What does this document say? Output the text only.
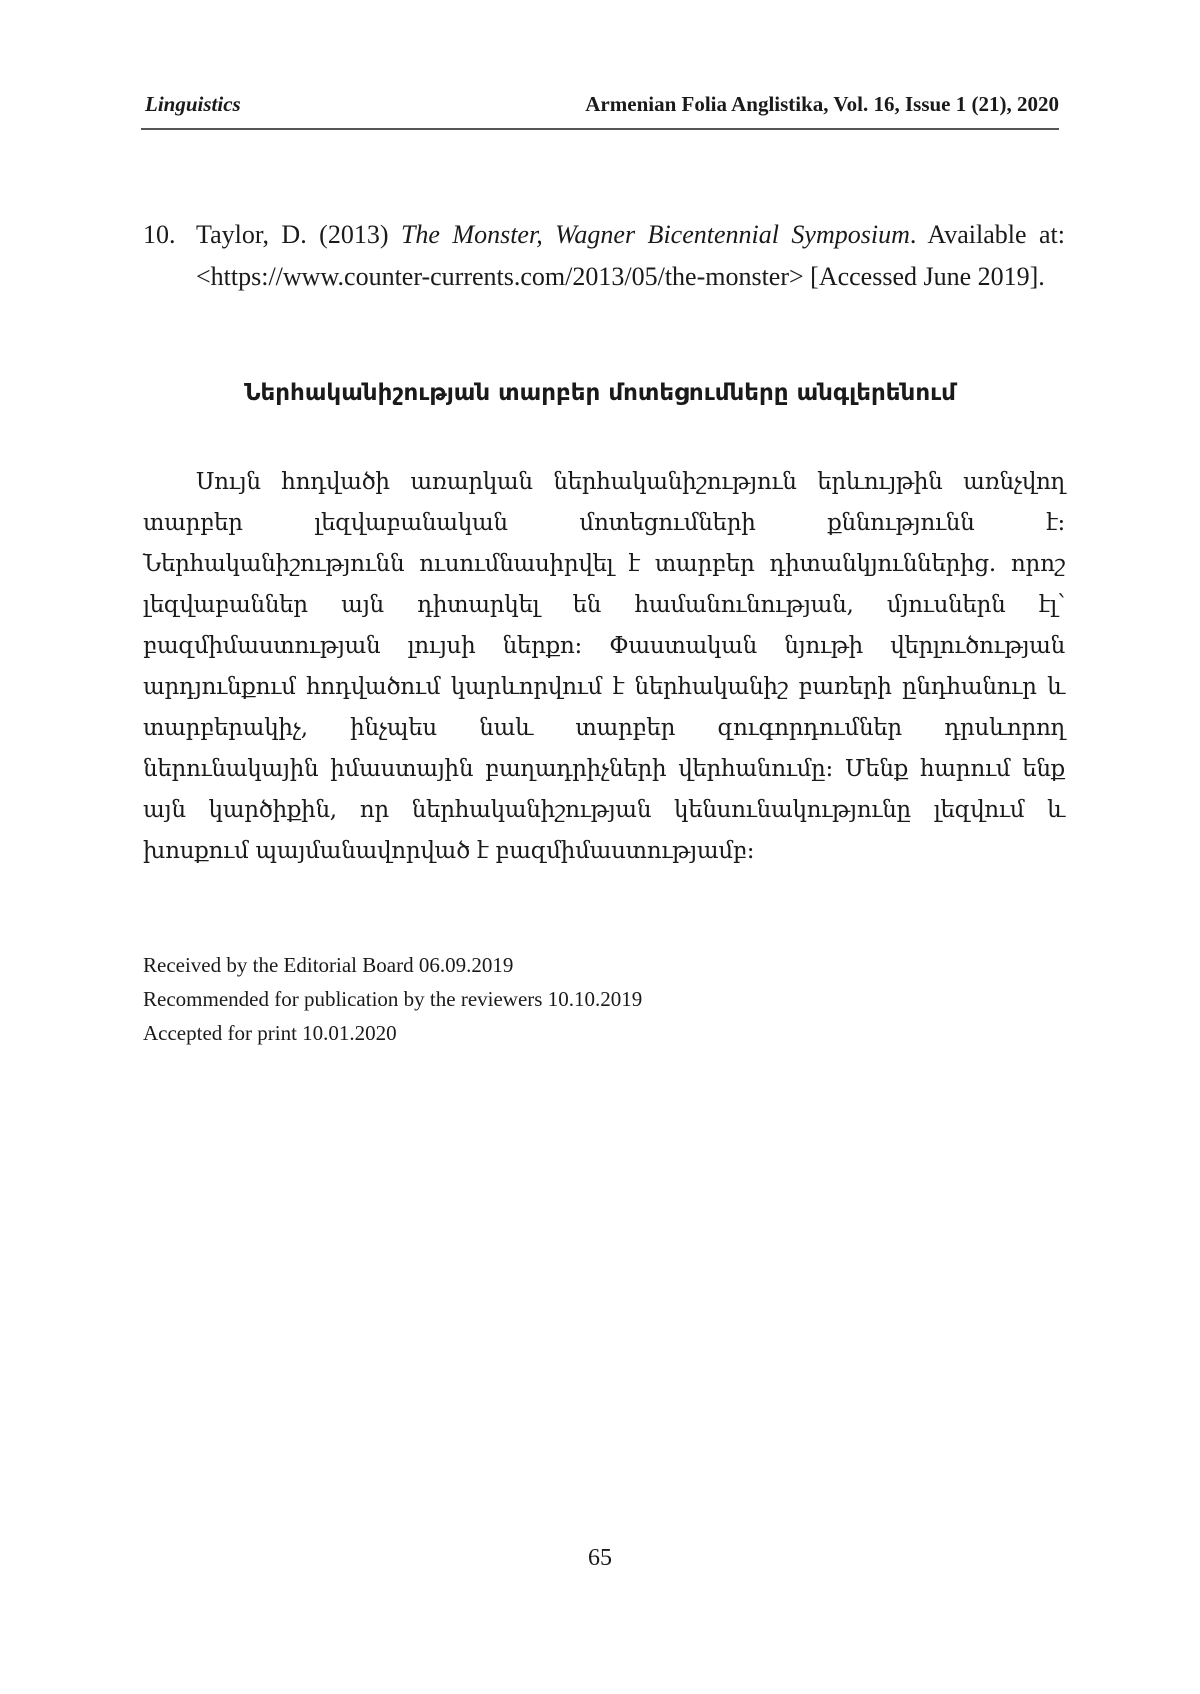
Linguistics	Armenian Folia Anglistika, Vol. 16, Issue 1 (21), 2020
10. Taylor, D. (2013) The Monster, Wagner Bicentennial Symposium. Available at: <https://www.counter-currents.com/2013/05/the-monster> [Accessed June 2019].
Ներհականիշության տարբեր մոտեցումները անգլերենում
Սույն հոդվածի առարկան ներհականիշություն երևույթին առնչվող տարբեր լեզվաբանական մոտեցումների քննությունն է: Ներհականիշությունն ուսումնասիրվել է տարբեր դիտանկյուններից. որոշ լեզվաբաններ այն դիտարկել են համանունության, մյուսներն էլ՝ բազմիմաստության լույսի ներքո: Փաստական նյութի վերլուծության արդյունքում հոդվածում կարևորվում է ներհականիշ բառերի ընդհանուր և տարբերակիչ, ինչպես նաև տարբեր զուգորդումներ դրսևորող ներունակային իմաստային բաղադրիչների վերհանումը: Մենք հարում ենք այն կարծիքին, որ ներհականիշության կենսունակությունը լեզվում և խոսքում պայմանավորված է բազմիմաստությամբ:
Received by the Editorial Board 06.09.2019
Recommended for publication by the reviewers 10.10.2019
Accepted for print 10.01.2020
65
